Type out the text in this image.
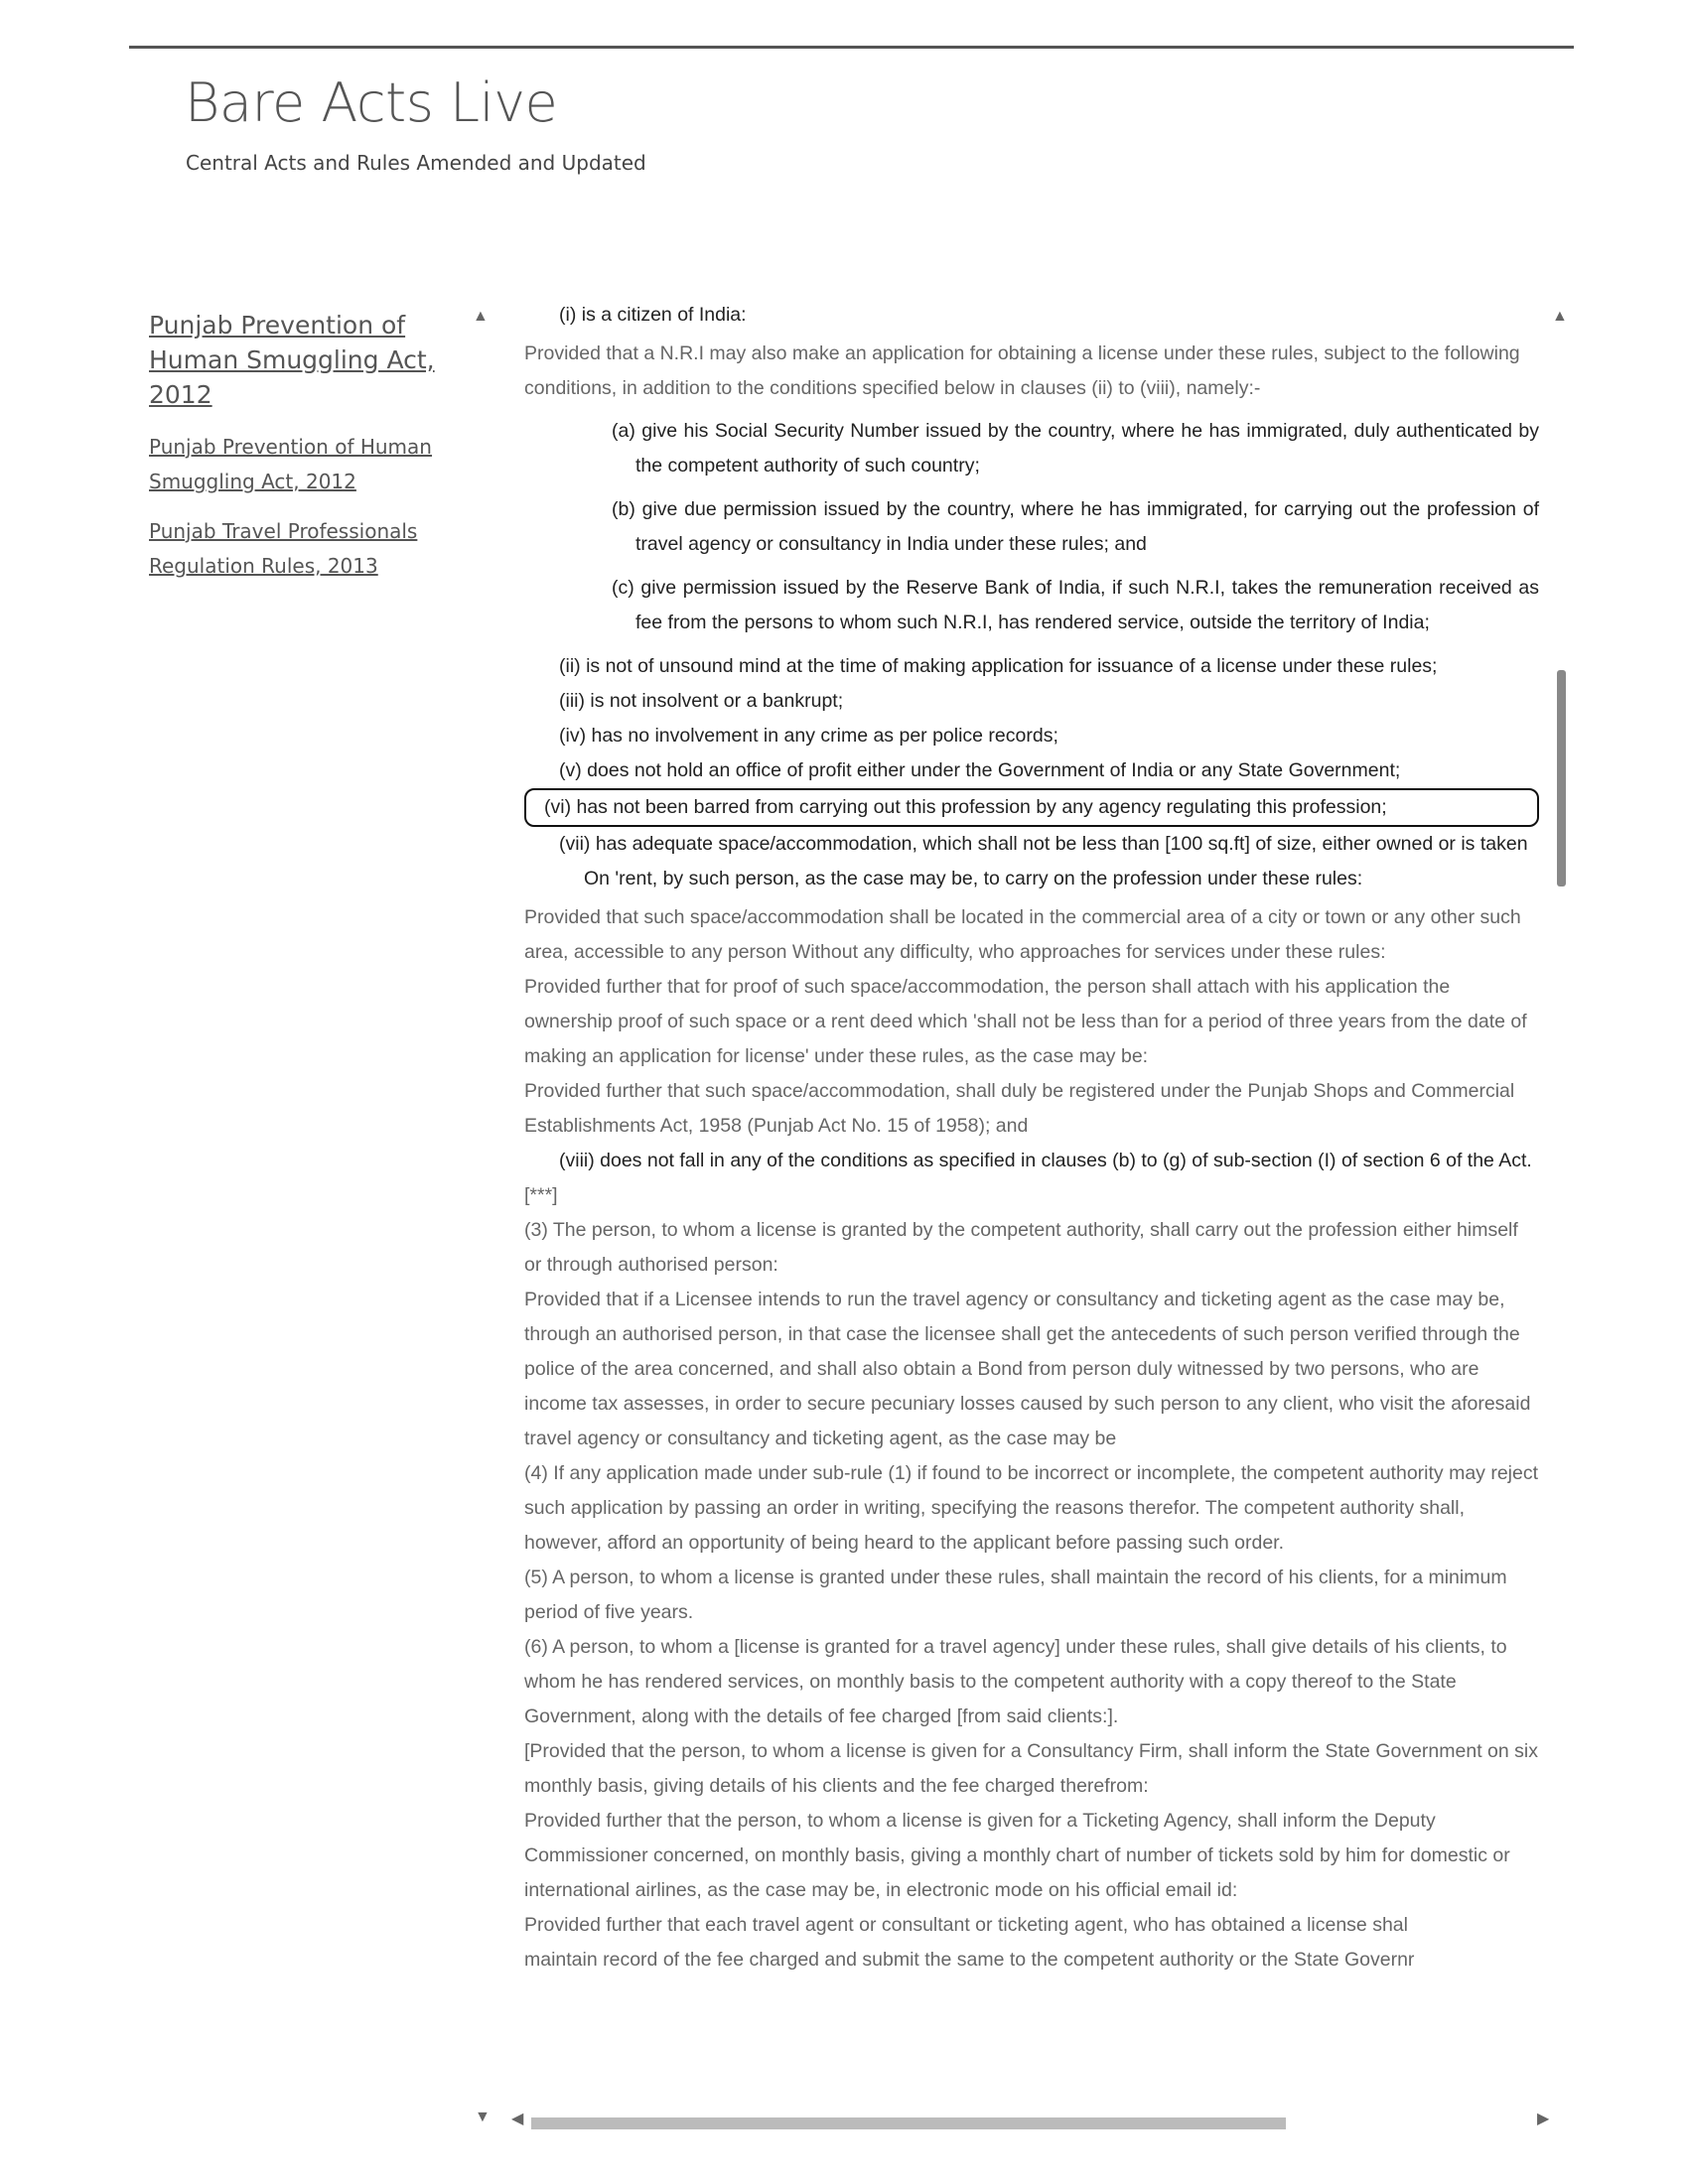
Bare Acts Live
Central Acts and Rules Amended and Updated
Punjab Prevention of Human Smuggling Act, 2012
Punjab Prevention of Human Smuggling Act, 2012
Punjab Travel Professionals Regulation Rules, 2013
▲	▲
▼ ◀	▶

(i) is a citizen of India:

Provided that a N.R.I may also make an application for obtaining a license under these rules, subject to the following conditions, in addition to the conditions specified below in clauses (ii) to (viii), namely:-

(a) give his Social Security Number issued by the country, where he has immigrated, duly authenticated by the competent authority of such country;

(b) give due permission issued by the country, where he has immigrated, for carrying out the profession of travel agency or consultancy in India under these rules; and

(c) give permission issued by the Reserve Bank of India, if such N.R.I, takes the remuneration received as fee from the persons to whom such N.R.I, has rendered service, outside the territory of India;

(ii) is not of unsound mind at the time of making application for issuance of a license under these rules;

(iii) is not insolvent or a bankrupt;

(iv) has no involvement in any crime as per police records;

(v) does not hold an office of profit either under the Government of India or any State Government;

(vi) has not been barred from carrying out this profession by any agency regulating this profession;

(vii) has adequate space/accommodation, which shall not be less than [100 sq.ft] of size, either owned or is taken On 'rent, by such person, as the case may be, to carry on the profession under these rules:

Provided that such space/accommodation shall be located in the commercial area of a city or town or any other such area, accessible to any person Without any difficulty, who approaches for services under these rules:

Provided further that for proof of such space/accommodation, the person shall attach with his application the ownership proof of such space or a rent deed which 'shall not be less than for a period of three years from the date of making an application for license' under these rules, as the case may be:

Provided further that such space/accommodation, shall duly be registered under the Punjab Shops and Commercial Establishments Act, 1958 (Punjab Act No. 15 of 1958); and

(viii) does not fall in any of the conditions as specified in clauses (b) to (g) of sub-section (I) of section 6 of the Act.

[***]

(3) The person, to whom a license is granted by the competent authority, shall carry out the profession either himself or through authorised person:

Provided that if a Licensee intends to run the travel agency or consultancy and ticketing agent as the case may be, through an authorised person, in that case the licensee shall get the antecedents of such person verified through the police of the area concerned, and shall also obtain a Bond from person duly witnessed by two persons, who are income tax assesses, in order to secure pecuniary losses caused by such person to any client, who visit the aforesaid travel agency or consultancy and ticketing agent, as the case may be

(4) If any application made under sub-rule (1) if found to be incorrect or incomplete, the competent authority may reject such application by passing an order in writing, specifying the reasons therefor. The competent authority shall, however, afford an opportunity of being heard to the applicant before passing such order.

(5) A person, to whom a license is granted under these rules, shall maintain the record of his clients, for a minimum period of five years.

(6) A person, to whom a [license is granted for a travel agency] under these rules, shall give details of his clients, to whom he has rendered services, on monthly basis to the competent authority with a copy thereof to the State Government, along with the details of fee charged [from said clients:].

[Provided that the person, to whom a license is given for a Consultancy Firm, shall inform the State Government on six monthly basis, giving details of his clients and the fee charged therefrom:

Provided further that the person, to whom a license is given for a Ticketing Agency, shall inform the Deputy Commissioner concerned, on monthly basis, giving a monthly chart of number of tickets sold by him for domestic or international airlines, as the case may be, in electronic mode on his official email id:

Provided further that each travel agent or consultant or ticketing agent, who has obtained a license shal

maintain record of the fee charged and submit the same to the competent authority or the State Governr
